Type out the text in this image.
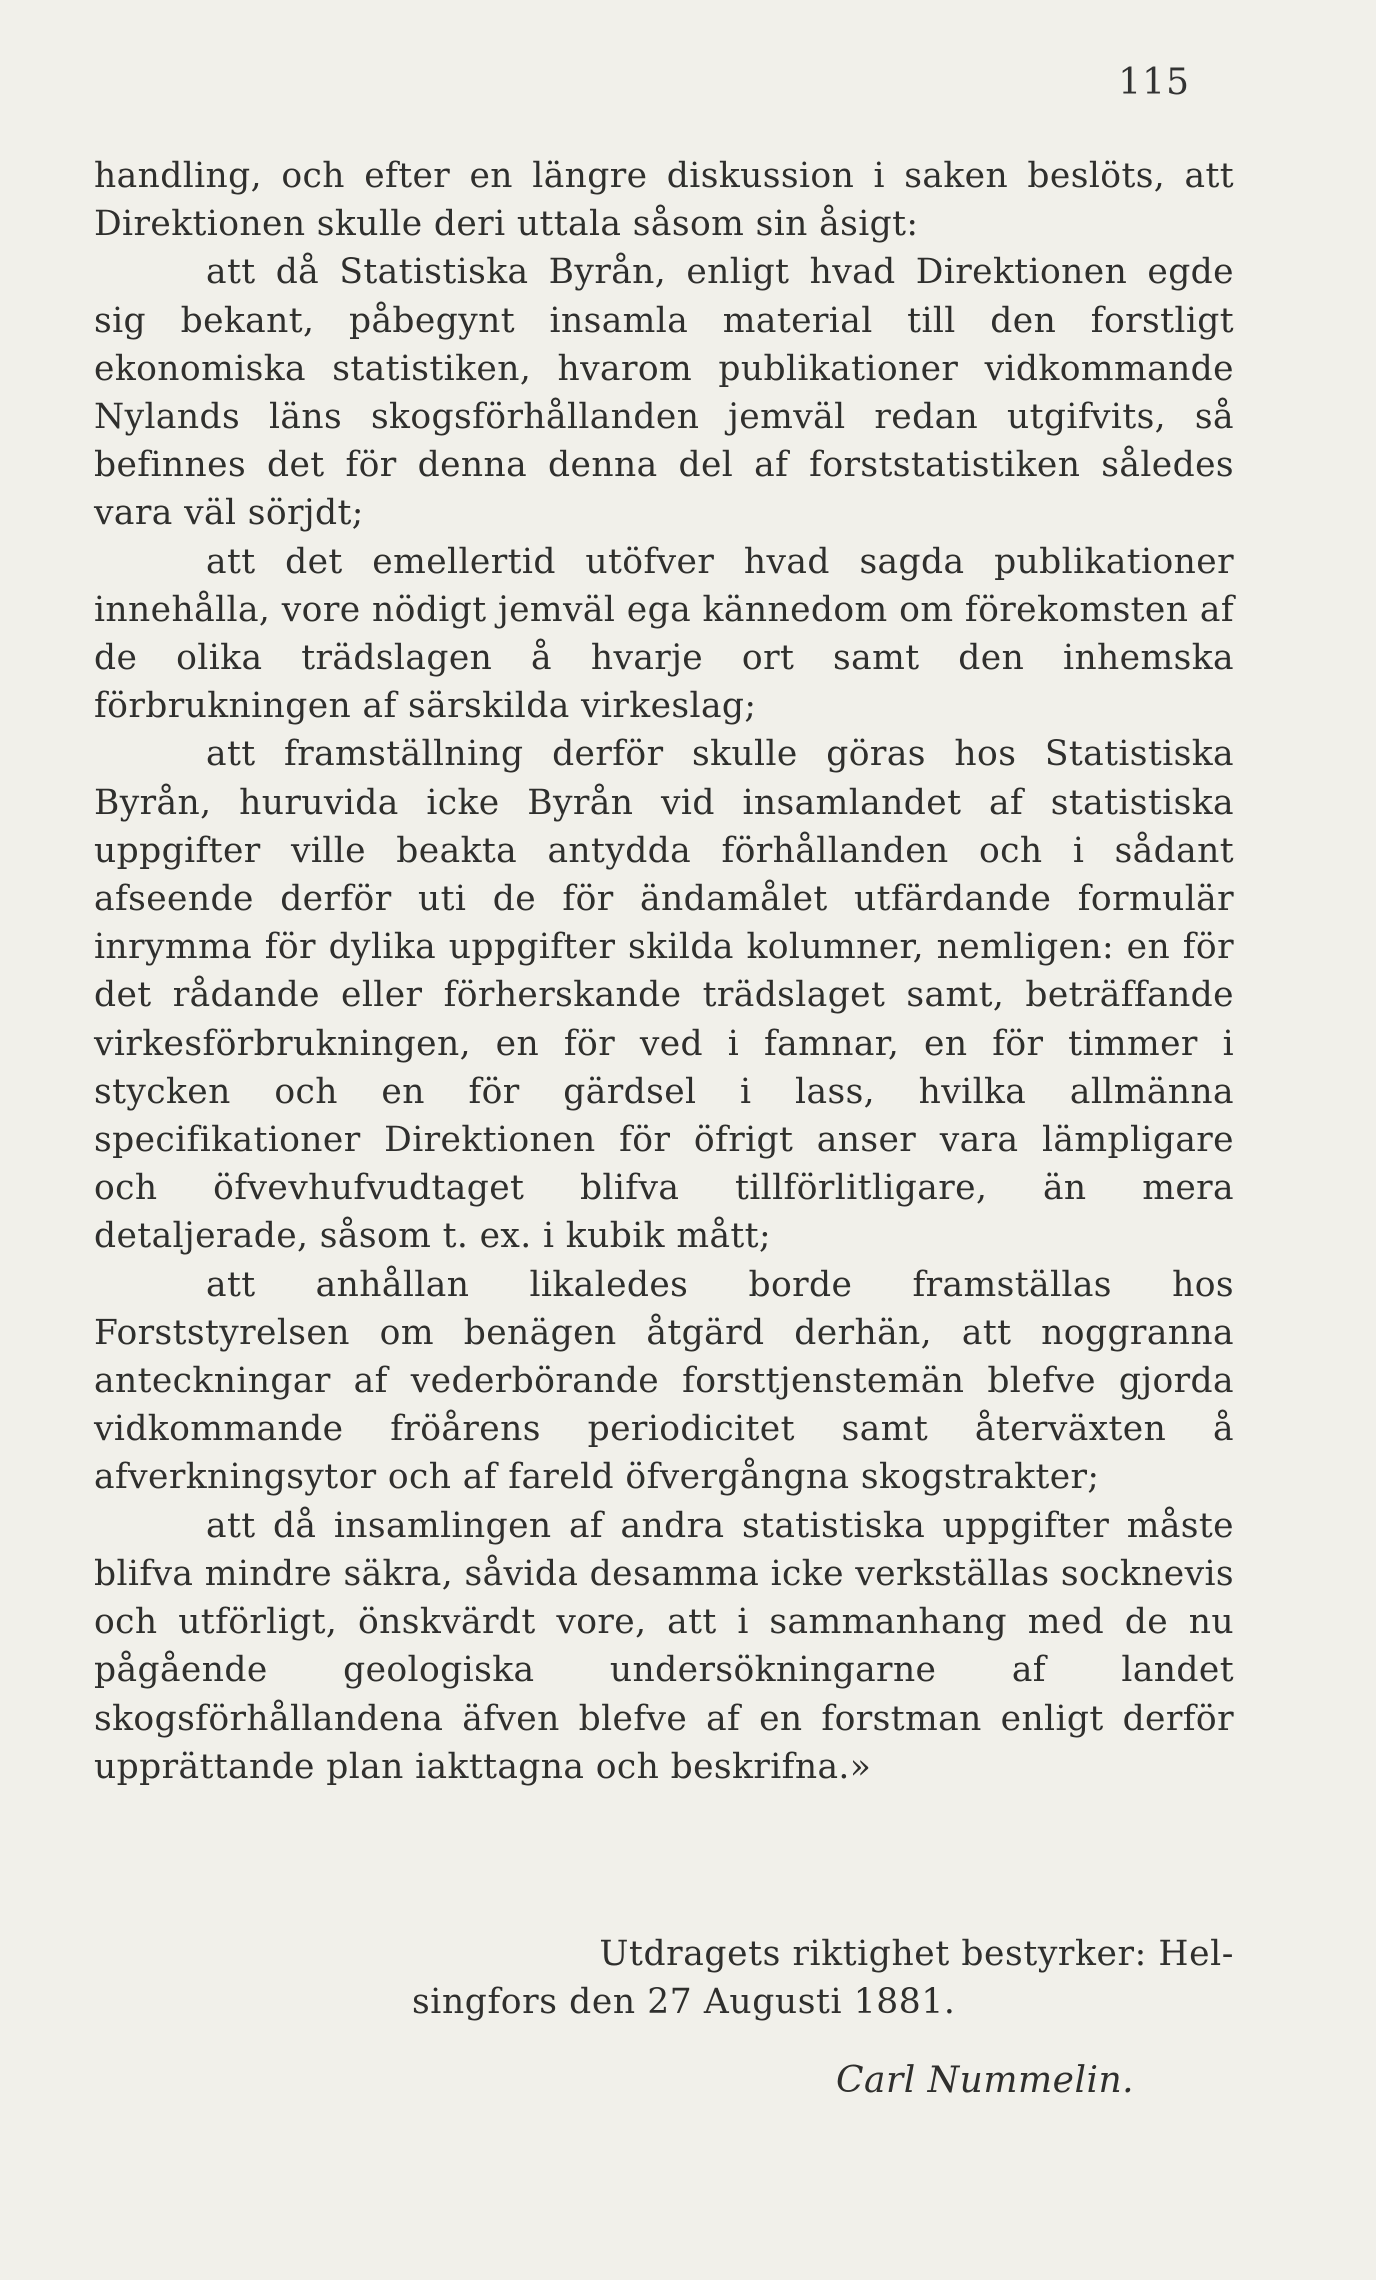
115

handling, och efter en längre diskussion i saken beslöts, att Direktionen skulle deri uttala såsom sin åsigt:

att då Statistiska Byrån, enligt hvad Direktionen egde sig bekant, påbegynt insamla material till den forstligt ekonomiska statistiken, hvarom publikationer vidkommande Nylands läns skogsförhållanden jemväl redan utgifvits, så befinnes det för denna denna del af forststatistiken således vara väl sörjdt;

att det emellertid utöfver hvad sagda publikationer innehålla, vore nödigt jemväl ega kännedom om förekomsten af de olika trädslagen å hvarje ort samt den inhemska förbrukningen af särskilda virkeslag;

att framställning derför skulle göras hos Statistiska Byrån, huruvida icke Byrån vid insamlandet af statistiska uppgifter ville beakta antydda förhållanden och i sådant afseende derför uti de för ändamålet utfärdande formulär inrymma för dylika uppgifter skilda kolumner, nemligen: en för det rådande eller förherskande trädslaget samt, beträffande virkesförbrukningen, en för ved i famnar, en för timmer i stycken och en för gärdsel i lass, hvilka allmänna specifikationer Direktionen för öfrigt anser vara lämpligare och öfvevhufvudtaget blifva tillförlitligare, än mera detaljerade, såsom t. ex. i kubik mått;

att anhållan likaledes borde framställas hos Forststyrelsen om benägen åtgärd derhän, att noggranna anteckningar af vederbörande forsttjenstemän blefve gjorda vidkommande fröårens periodicitet samt återväxten å afverkningsytor och af fareld öfvergångna skogstrakter;

att då insamlingen af andra statistiska uppgifter måste blifva mindre säkra, såvida desamma icke verkställas socknevis och utförligt, önskvärdt vore, att i sammanhang med de nu pågående geologiska undersökningarne af landet skogsförhållandena äfven blefve af en forstman enligt derför upprättande plan iakttagna och beskrifna.»

Utdragets riktighet bestyrker: Hel-
singfors den 27 Augusti 1881.
Carl Nummelin.
